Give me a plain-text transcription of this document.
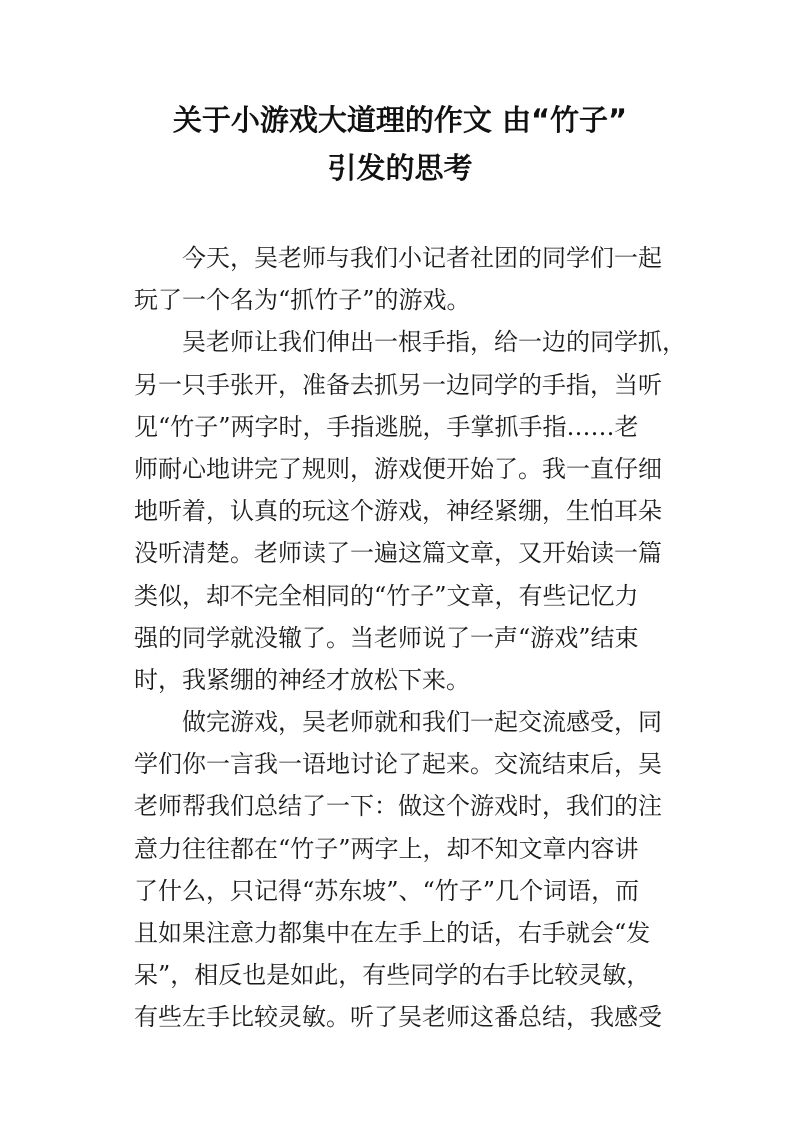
关于小游戏大道理的作文 由“竹子”
引发的思考
今天，吴老师与我们小记者社团的同学们一起
玩了一个名为“抓竹子”的游戏。
吴老师让我们伸出一根手指，给一边的同学抓，
另一只手张开，准备去抓另一边同学的手指，当听
见“竹子”两字时，手指逃脱，手掌抓手指……老
师耐心地讲完了规则，游戏便开始了。我一直仔细
地听着，认真的玩这个游戏，神经紧绷，生怕耳朵
没听清楚。老师读了一遍这篇文章，又开始读一篇
类似，却不完全相同的“竹子”文章，有些记忆力
强的同学就没辙了。当老师说了一声“游戏”结束
时，我紧绷的神经才放松下来。
做完游戏，吴老师就和我们一起交流感受，同
学们你一言我一语地讨论了起来。交流结束后，吴
老师帮我们总结了一下：做这个游戏时，我们的注
意力往往都在“竹子”两字上，却不知文章内容讲
了什么，只记得“苏东坡”、“竹子”几个词语，而
且如果注意力都集中在左手上的话，右手就会“发
呆”，相反也是如此，有些同学的右手比较灵敏，
有些左手比较灵敏。听了吴老师这番总结，我感受
